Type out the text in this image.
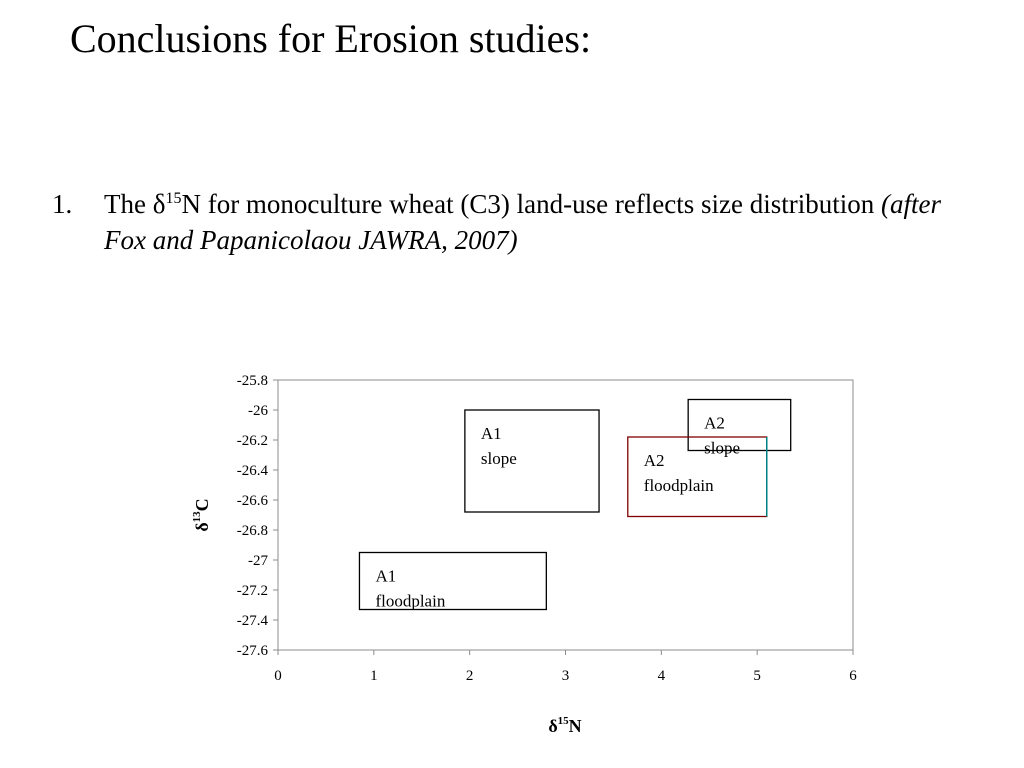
Conclusions for Erosion studies:
1. The $\delta^{15}N$ for monoculture wheat (C3) land-use reflects size distribution (after Fox and Papanicolaou JAWRA, 2007)
-25.8
-26
-26.2
-26.4
-26.6
-26.8
-27
-27.2
-27.4
-27.6
0	1	2	3	4	5	6
A1
slope
A2
slope
A2
floodplain
A1
floodplain
$\delta^{15}N$
$\delta^{13}C$
